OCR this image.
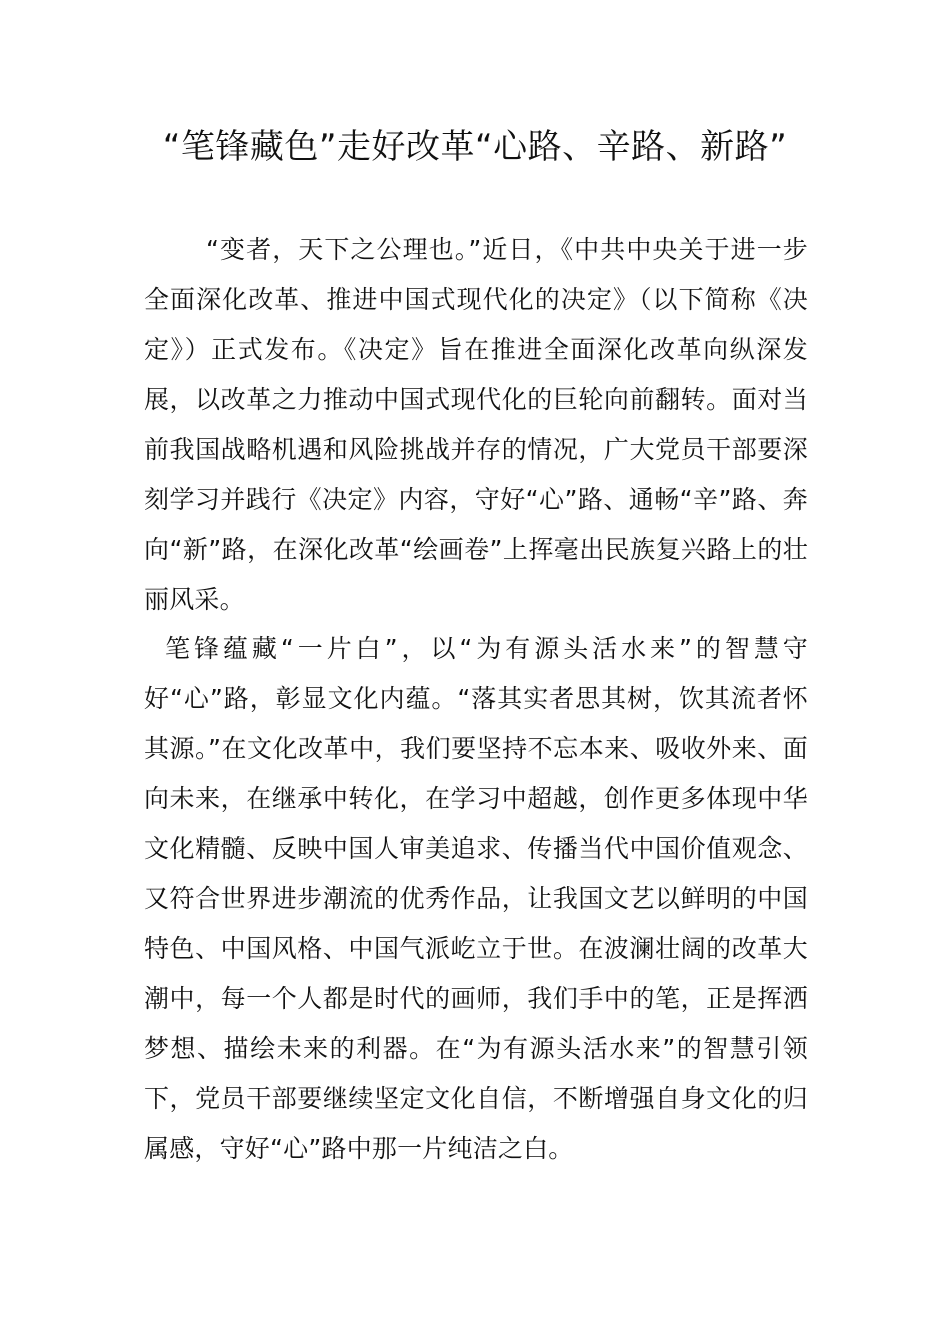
“笔锋藏色”走好改革“心路、辛路、新路”

“变者，天下之公理也。”近日，《中共中央关于进一步全面深化改革、推进中国式现代化的决定》（以下简称《决定》）正式发布。《决定》旨在推进全面深化改革向纵深发展，以改革之力推动中国式现代化的巨轮向前翻转。面对当前我国战略机遇和风险挑战并存的情况，广大党员干部要深刻学习并践行《决定》内容，守好“心”路、通畅“辛”路、奔向“新”路，在深化改革“绘画卷”上挥毫出民族复兴路上的壮丽风采。

笔锋蕴藏“一片白”，以“为有源头活水来”的智慧守好“心”路，彰显文化内蕴。“落其实者思其树，饮其流者怀其源。”在文化改革中，我们要坚持不忘本来、吸收外来、面向未来，在继承中转化，在学习中超越，创作更多体现中华文化精髓、反映中国人审美追求、传播当代中国价值观念、又符合世界进步潮流的优秀作品，让我国文艺以鲜明的中国特色、中国风格、中国气派屹立于世。在波澜壮阔的改革大潮中，每一个人都是时代的画师，我们手中的笔，正是挥洒梦想、描绘未来的利器。在“为有源头活水来”的智慧引领下，党员干部要继续坚定文化自信，不断增强自身文化的归属感，守好“心”路中那一片纯洁之白。
